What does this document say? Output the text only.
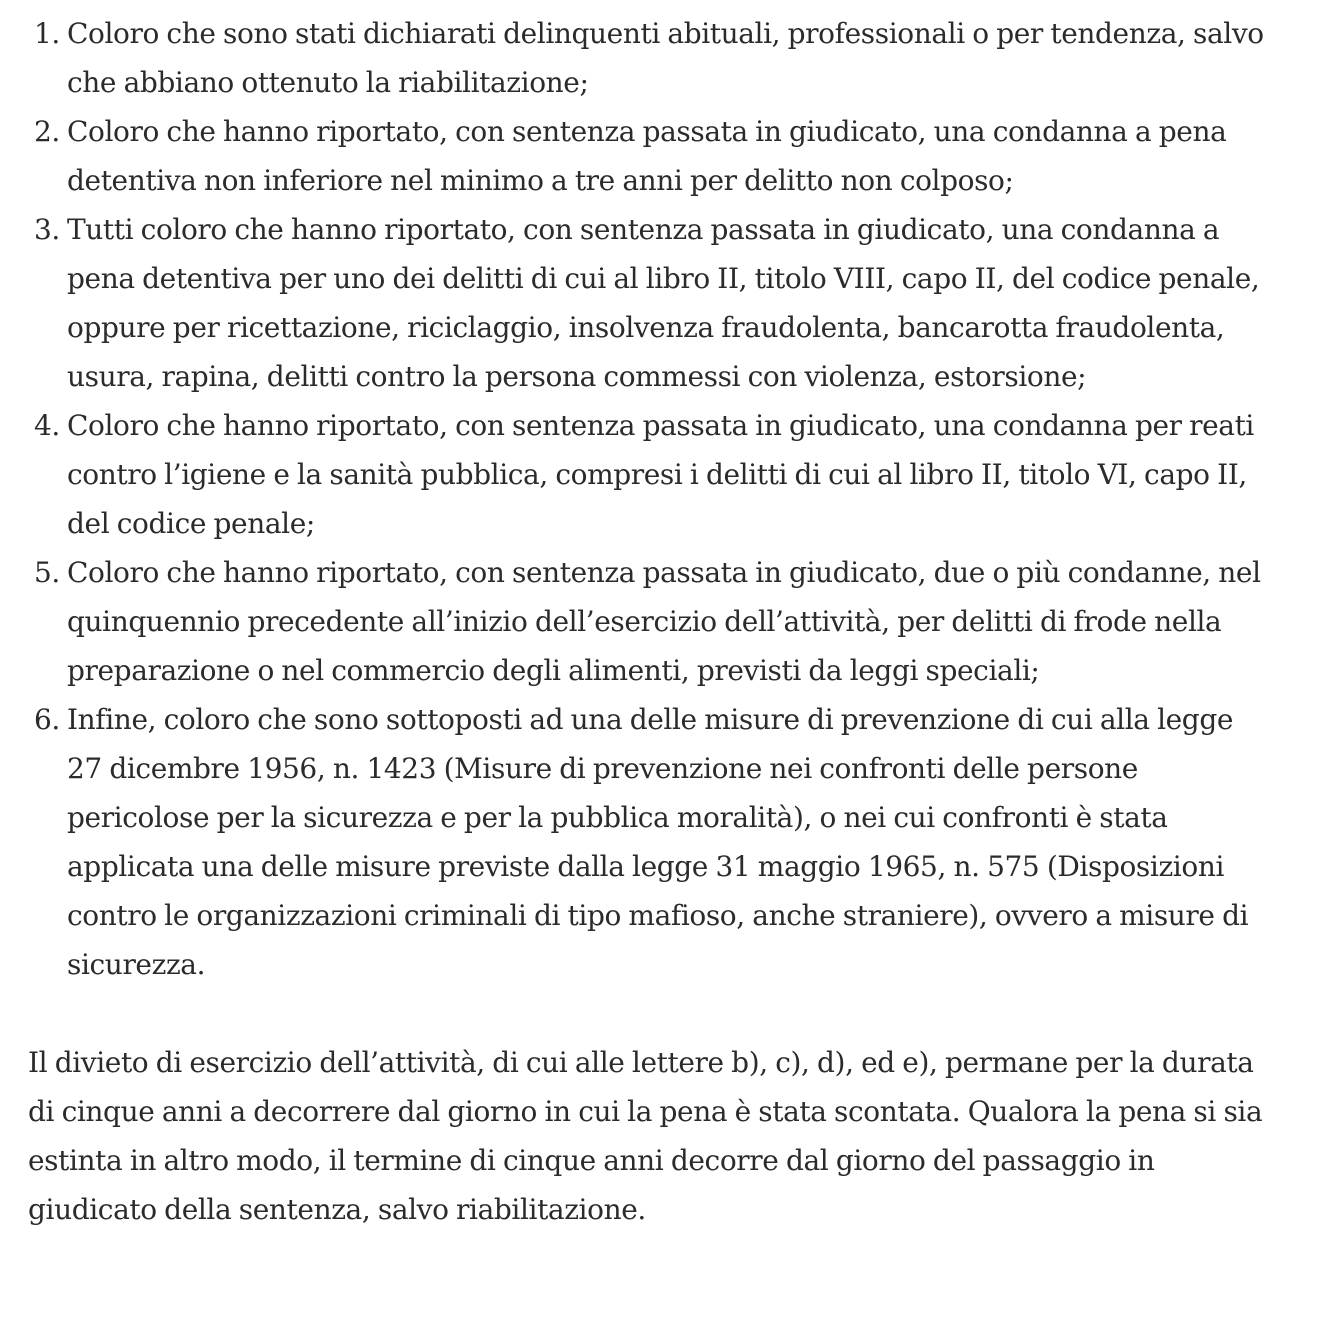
1. Coloro che sono stati dichiarati delinquenti abituali, professionali o per tendenza, salvo che abbiano ottenuto la riabilitazione;
2. Coloro che hanno riportato, con sentenza passata in giudicato, una condanna a pena detentiva non inferiore nel minimo a tre anni per delitto non colposo;
3. Tutti coloro che hanno riportato, con sentenza passata in giudicato, una condanna a pena detentiva per uno dei delitti di cui al libro II, titolo VIII, capo II, del codice penale, oppure per ricettazione, riciclaggio, insolvenza fraudolenta, bancarotta fraudolenta, usura, rapina, delitti contro la persona commessi con violenza, estorsione;
4. Coloro che hanno riportato, con sentenza passata in giudicato, una condanna per reati contro l’igiene e la sanità pubblica, compresi i delitti di cui al libro II, titolo VI, capo II, del codice penale;
5. Coloro che hanno riportato, con sentenza passata in giudicato, due o più condanne, nel quinquennio precedente all’inizio dell’esercizio dell’attività, per delitti di frode nella preparazione o nel commercio degli alimenti, previsti da leggi speciali;
6. Infine, coloro che sono sottoposti ad una delle misure di prevenzione di cui alla legge 27 dicembre 1956, n. 1423 (Misure di prevenzione nei confronti delle persone pericolose per la sicurezza e per la pubblica moralità), o nei cui confronti è stata applicata una delle misure previste dalla legge 31 maggio 1965, n. 575 (Disposizioni contro le organizzazioni criminali di tipo mafioso, anche straniere), ovvero a misure di sicurezza.

Il divieto di esercizio dell’attività, di cui alle lettere b), c), d), ed e), permane per la durata di cinque anni a decorrere dal giorno in cui la pena è stata scontata. Qualora la pena si sia estinta in altro modo, il termine di cinque anni decorre dal giorno del passaggio in giudicato della sentenza, salvo riabilitazione.
